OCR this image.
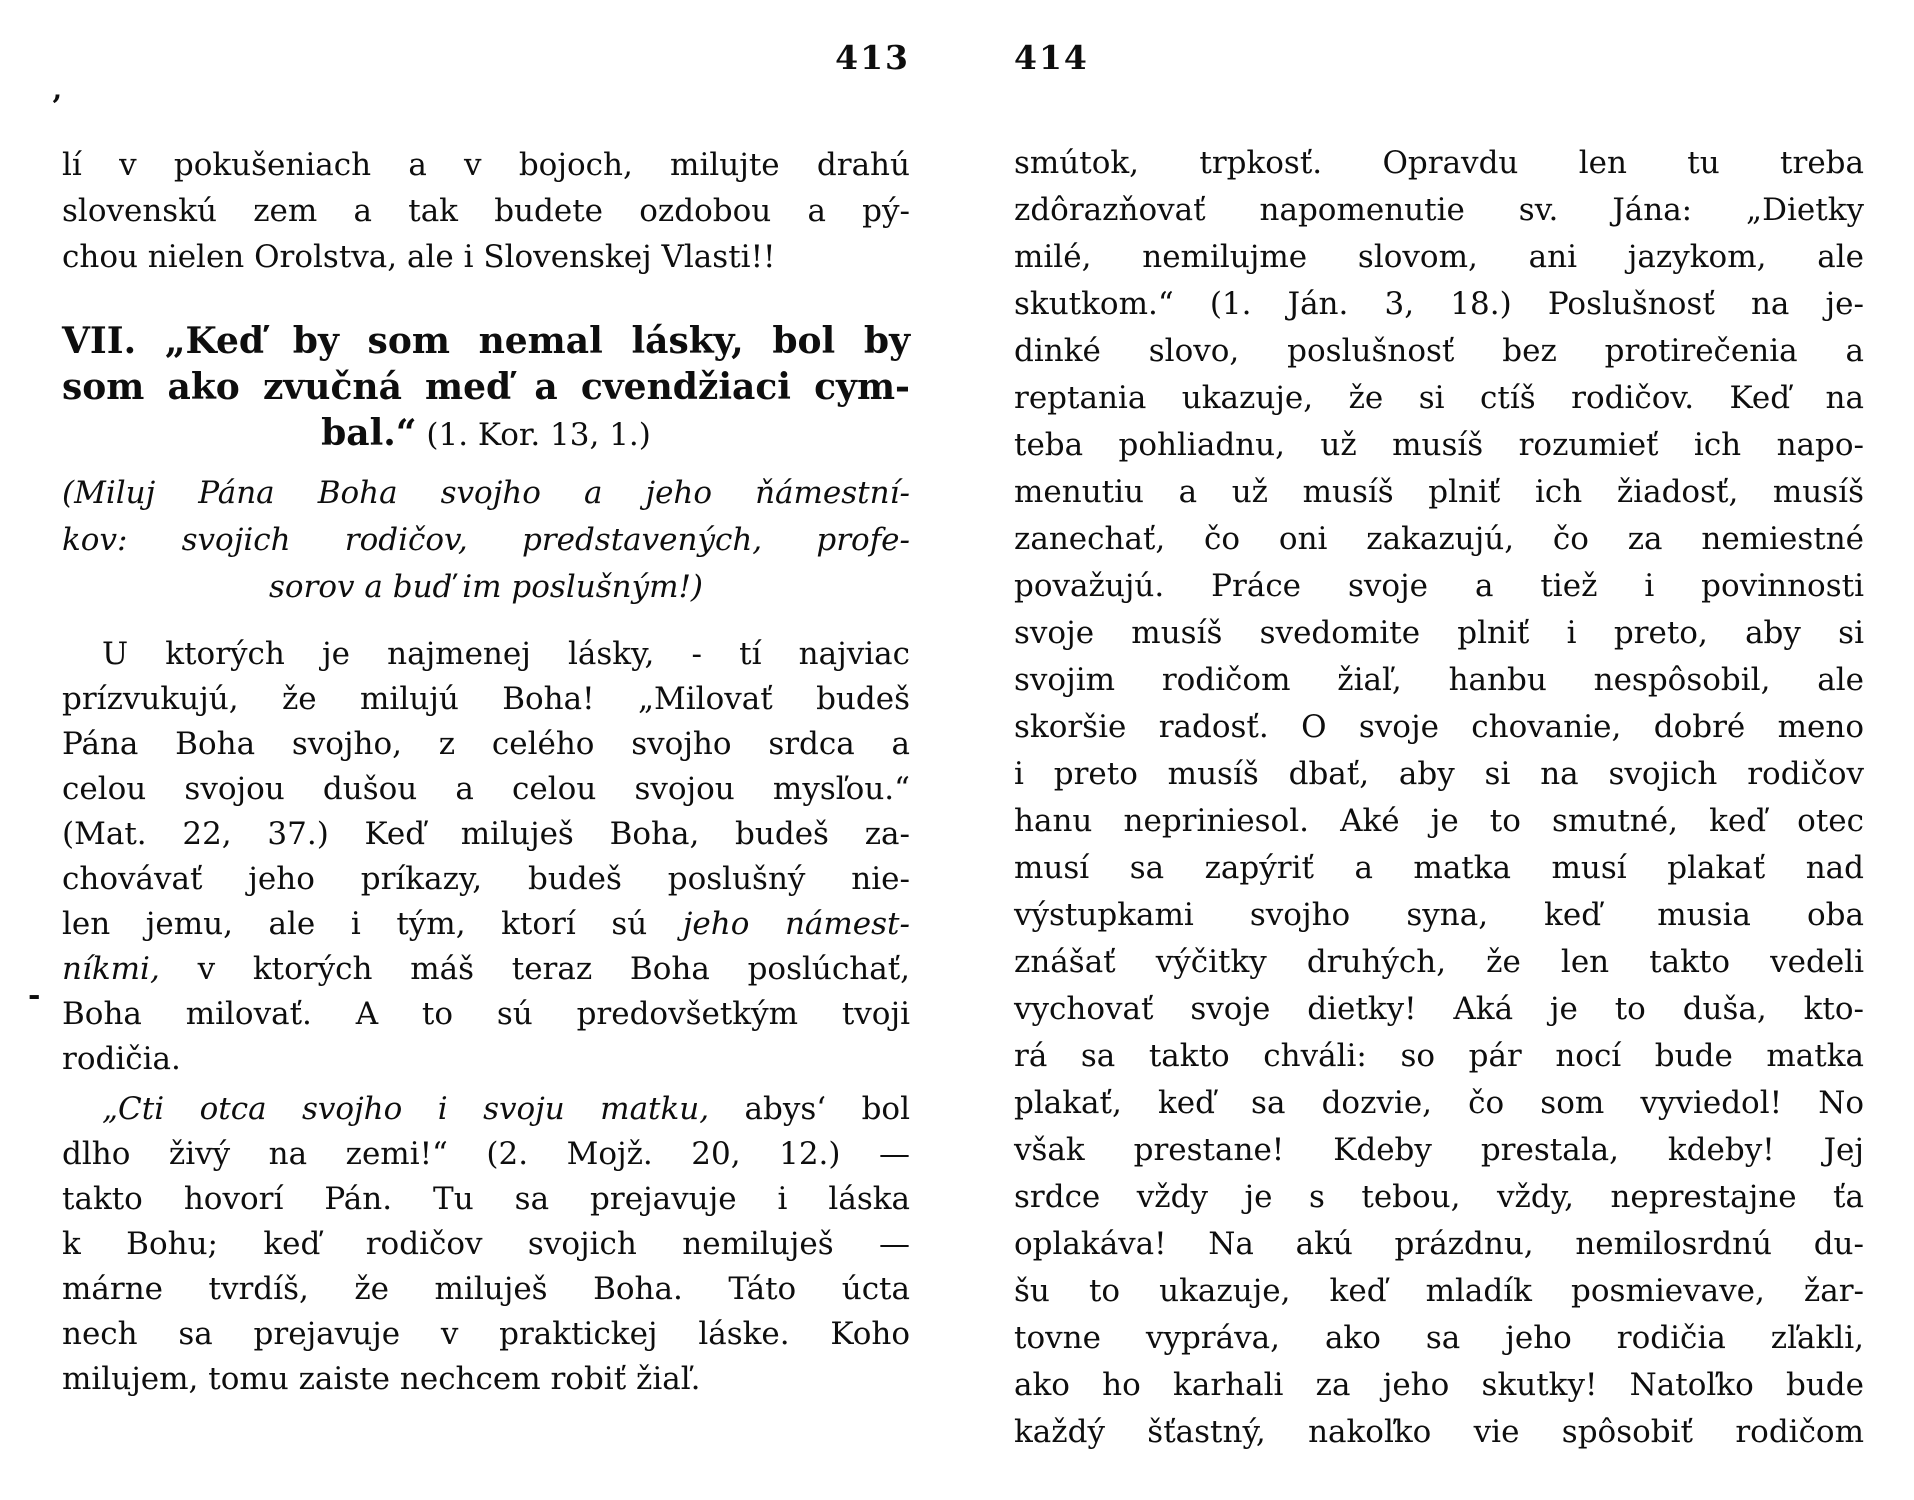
413	414
‚
-
lí v pokušeniach a v bojoch, milujte drahú
slovenskú zem a tak budete ozdobou a pý-
chou nielen Orolstva, ale i Slovenskej Vlasti!!
VII. „Keď by som nemal lásky, bol by
som ako zvučná meď a cvendžiaci cym-
bal.“ (1. Kor. 13, 1.)
(Miluj Pána Boha svojho a jeho ňámestní-
kov: svojich rodičov, predstavených, profe-
sorov a buď im poslušným!)
U ktorých je najmenej lásky, - tí najviac
prízvukujú, že milujú Boha! „Milovať budeš
Pána Boha svojho, z celého svojho srdca a
celou svojou dušou a celou svojou mysľou.“
(Mat. 22, 37.) Keď miluješ Boha, budeš za-
chovávať jeho príkazy, budeš poslušný nie-
len jemu, ale i tým, ktorí sú jeho námest-
níkmi, v ktorých máš teraz Boha poslúchať,
Boha milovať. A to sú predovšetkým tvoji
rodičia.
„Cti otca svojho i svoju matku, abys‘ bol
dlho živý na zemi!“ (2. Mojž. 20, 12.) —
takto hovorí Pán. Tu sa prejavuje i láska
k Bohu; keď rodičov svojich nemiluješ —
márne tvrdíš, že miluješ Boha. Táto úcta
nech sa prejavuje v praktickej láske. Koho
milujem, tomu zaiste nechcem robiť žiaľ.
smútok, trpkosť. Opravdu len tu treba
zdôrazňovať napomenutie sv. Jána: „Dietky
milé, nemilujme slovom, ani jazykom, ale
skutkom.“ (1. Ján. 3, 18.) Poslušnosť na je-
dinké slovo, poslušnosť bez protirečenia a
reptania ukazuje, že si ctíš rodičov. Keď na
teba pohliadnu, už musíš rozumieť ich napo-
menutiu a už musíš plniť ich žiadosť, musíš
zanechať, čo oni zakazujú, čo za nemiestné
považujú. Práce svoje a tiež i povinnosti
svoje musíš svedomite plniť i preto, aby si
svojim rodičom žiaľ, hanbu nespôsobil, ale
skoršie radosť. O svoje chovanie, dobré meno
i preto musíš dbať, aby si na svojich rodičov
hanu nepriniesol. Aké je to smutné, keď otec
musí sa zapýriť a matka musí plakať nad
výstupkami svojho syna, keď musia oba
znášať výčitky druhých, že len takto vedeli
vychovať svoje dietky! Aká je to duša, kto-
rá sa takto chváli: so pár nocí bude matka
plakať, keď sa dozvie, čo som vyviedol! No
však prestane! Kdeby prestala, kdeby! Jej
srdce vždy je s tebou, vždy, neprestajne ťa
oplakáva! Na akú prázdnu, nemilosrdnú du-
šu to ukazuje, keď mladík posmievave, žar-
tovne vypráva, ako sa jeho rodičia zľakli,
ako ho karhali za jeho skutky! Natoľko bude
každý šťastný, nakoľko vie spôsobiť rodičom
